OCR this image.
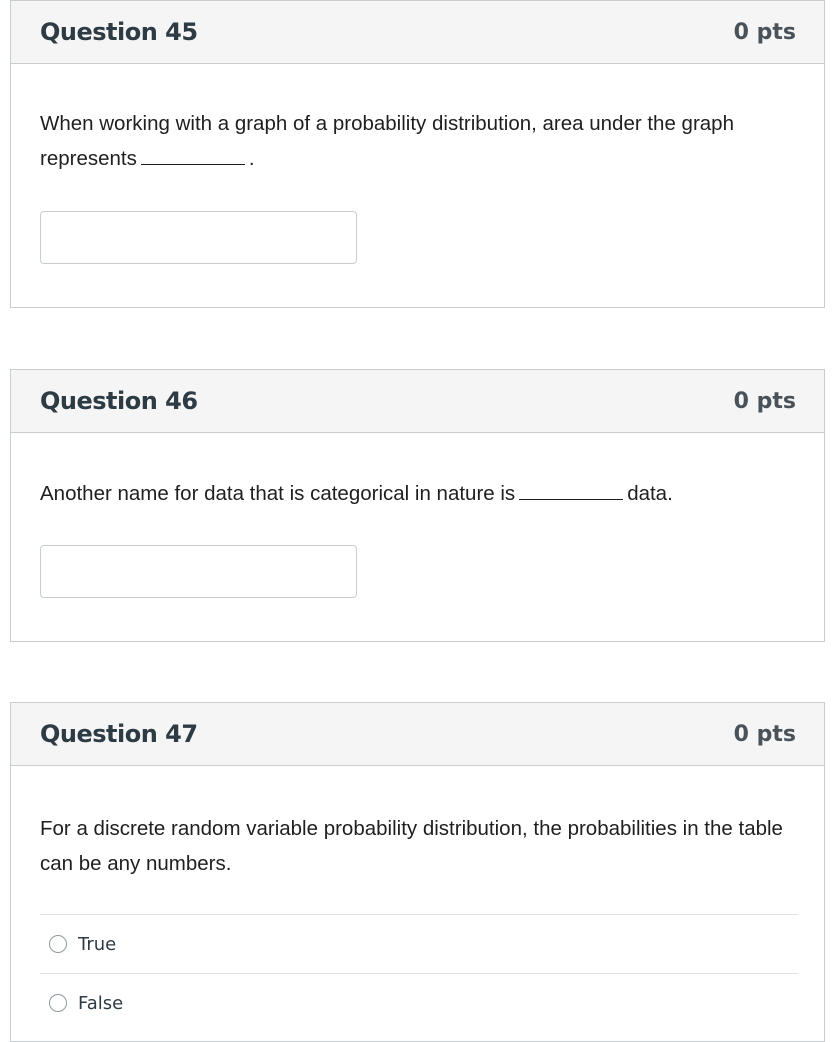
Question 45	0 pts
When working with a graph of a probability distribution, area under the graph represents	.
Question 46	0 pts
Another name for data that is categorical in nature is	data.
Question 47	0 pts
For a discrete random variable probability distribution, the probabilities in the table can be any numbers.
True
False
